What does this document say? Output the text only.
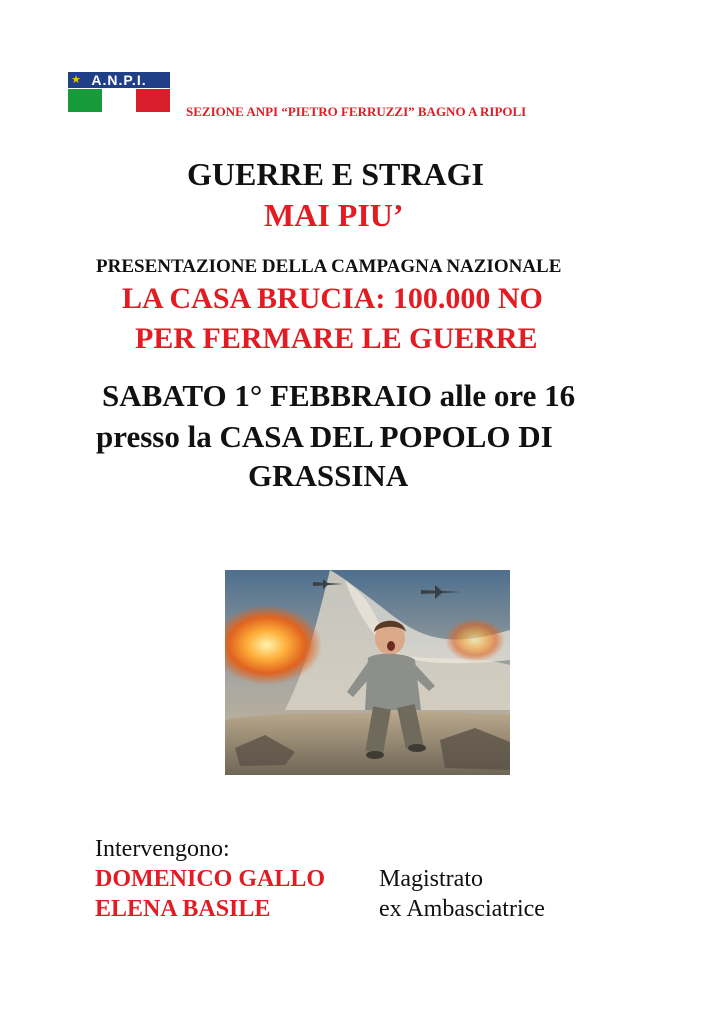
★ A.N.P.I.
SEZIONE ANPI “PIETRO FERRUZZI” BAGNO A RIPOLI
GUERRE E STRAGI
MAI PIU’
PRESENTAZIONE DELLA CAMPAGNA NAZIONALE
LA CASA BRUCIA: 100.000 NO
PER FERMARE LE GUERRE
SABATO 1° FEBBRAIO alle ore 16
presso la CASA DEL POPOLO DI
GRASSINA
Intervengono:
DOMENICO GALLO Magistrato
ELENA BASILE	ex Ambasciatrice
